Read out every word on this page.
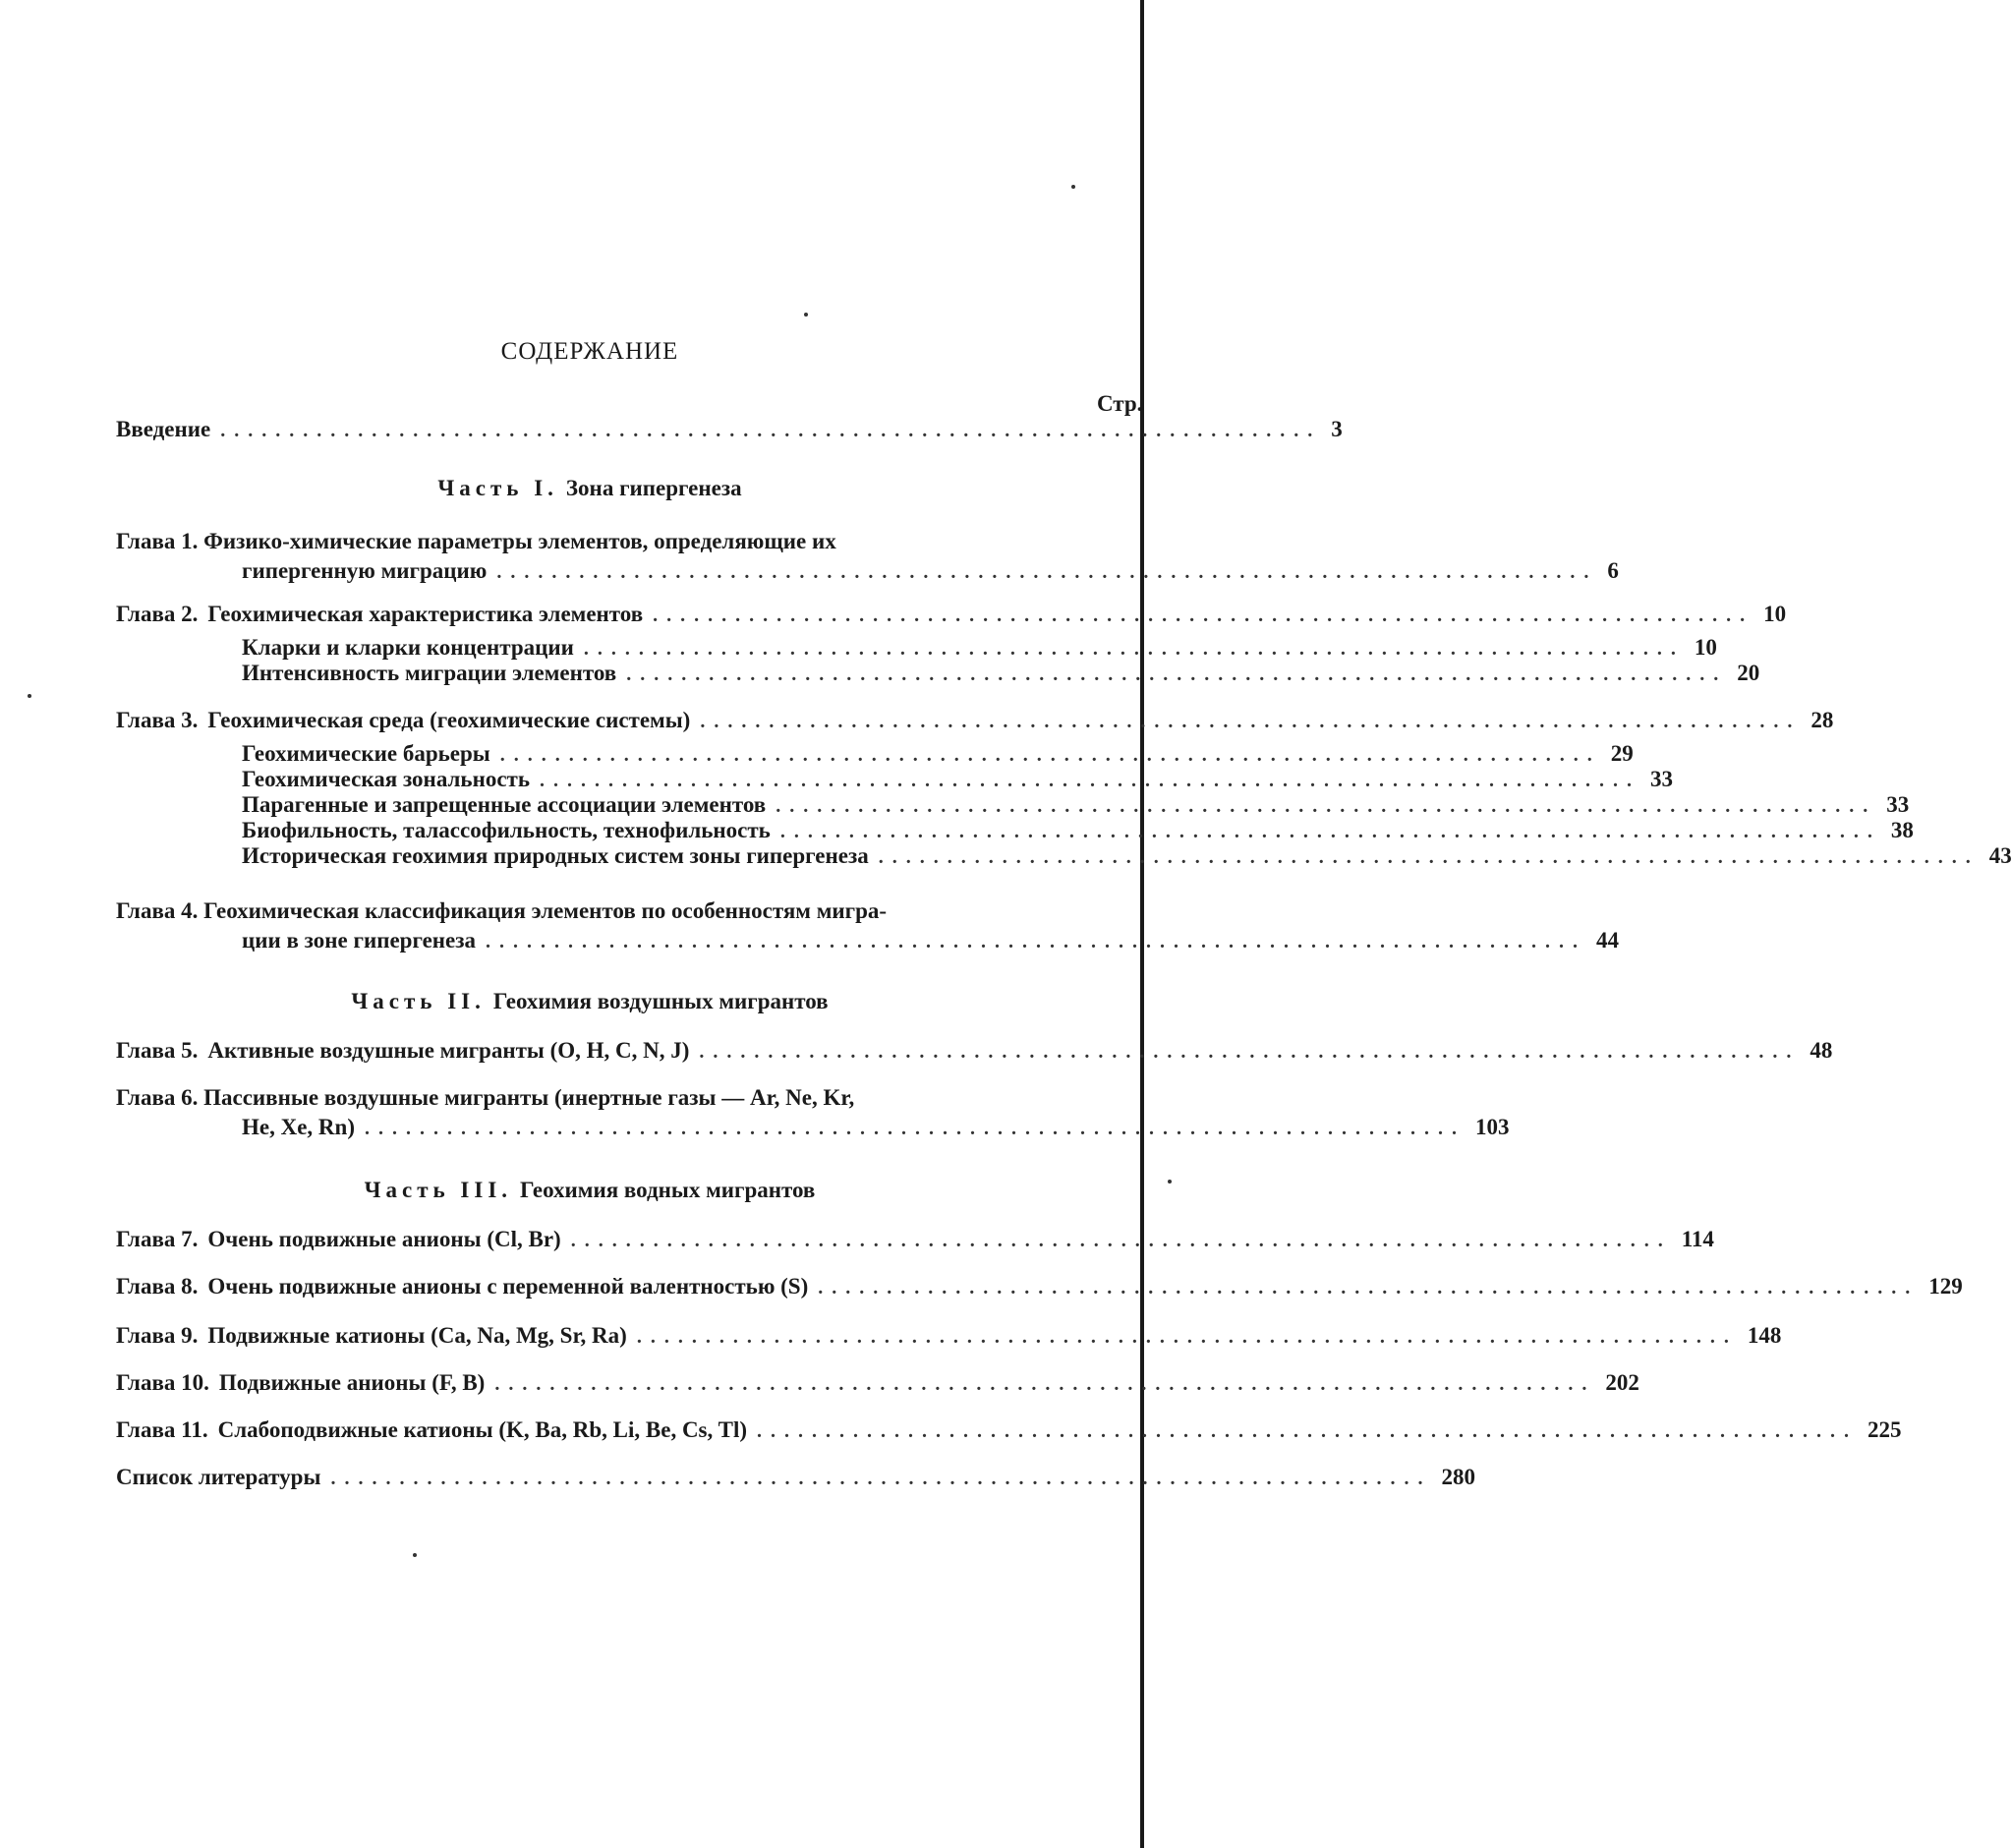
СОДЕРЖАНИЕ
Стр.
Введение ................................................................................ 3
Часть I. Зона гипергенеза
Глава 1. Физико-химические параметры элементов, определяющие их
гипергенную миграцию ................................................................................ 6
Глава 2. Геохимическая характеристика элементов ................................................................................ 10
Кларки и кларки концентрации ................................................................................ 10
Интенсивность миграции элементов ................................................................................ 20
Глава 3. Геохимическая среда (геохимические системы) ................................................................................ 28
Геохимические барьеры ................................................................................ 29
Геохимическая зональность ................................................................................ 33
Парагенные и запрещенные ассоциации элементов ................................................................................ 33
Биофильность, талассофильность, технофильность ................................................................................ 38
Историческая геохимия природных систем зоны гипергенеза ................................................................................ 43
Глава 4. Геохимическая классификация элементов по особенностям мигра-
ции в зоне гипергенеза ................................................................................ 44
Часть II. Геохимия воздушных мигрантов
Глава 5. Активные воздушные мигранты (O, H, C, N, J) ................................................................................ 48
Глава 6. Пассивные воздушные мигранты (инертные газы — Ar, Ne, Kr,
He, Xe, Rn) ................................................................................ 103
Часть III. Геохимия водных мигрантов
Глава 7. Очень подвижные анионы (Cl, Br) ................................................................................ 114
Глава 8. Очень подвижные анионы с переменной валентностью (S) ................................................................................ 129
Глава 9. Подвижные катионы (Ca, Na, Mg, Sr, Ra) ................................................................................ 148
Глава 10. Подвижные анионы (F, B) ................................................................................ 202
Глава 11. Слабоподвижные катионы (K, Ba, Rb, Li, Be, Cs, Tl) ................................................................................ 225
Список литературы ................................................................................ 280
